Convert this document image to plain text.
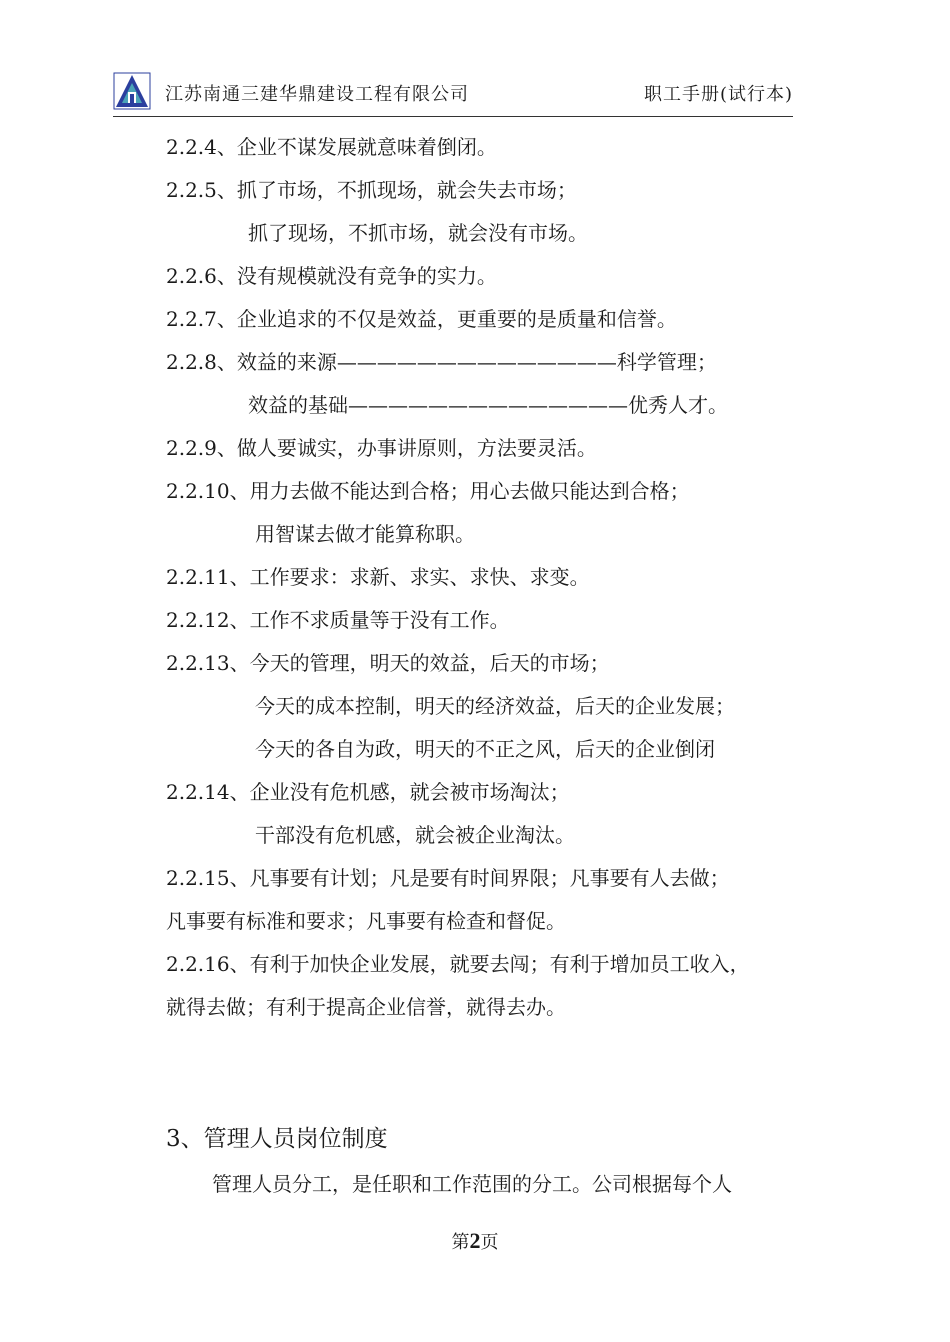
江苏南通三建华鼎建设工程有限公司	职工手册(试行本)
2.2.4、企业不谋发展就意味着倒闭。
2.2.5、抓了市场，不抓现场，就会失去市场；
抓了现场，不抓市场，就会没有市场。
2.2.6、没有规模就没有竞争的实力。
2.2.7、企业追求的不仅是效益，更重要的是质量和信誉。
2.2.8、效益的来源——————————————科学管理；
效益的基础——————————————优秀人才。
2.2.9、做人要诚实，办事讲原则，方法要灵活。
2.2.10、用力去做不能达到合格；用心去做只能达到合格；
用智谋去做才能算称职。
2.2.11、工作要求：求新、求实、求快、求变。
2.2.12、工作不求质量等于没有工作。
2.2.13、今天的管理，明天的效益，后天的市场；
今天的成本控制，明天的经济效益，后天的企业发展；
今天的各自为政，明天的不正之风，后天的企业倒闭
2.2.14、企业没有危机感，就会被市场淘汰；
干部没有危机感，就会被企业淘汰。
2.2.15、凡事要有计划；凡是要有时间界限；凡事要有人去做；
凡事要有标准和要求；凡事要有检查和督促。
2.2.16、有利于加快企业发展，就要去闯；有利于增加员工收入，
就得去做；有利于提高企业信誉，就得去办。
3、管理人员岗位制度
管理人员分工，是任职和工作范围的分工。公司根据每个人
第2页
